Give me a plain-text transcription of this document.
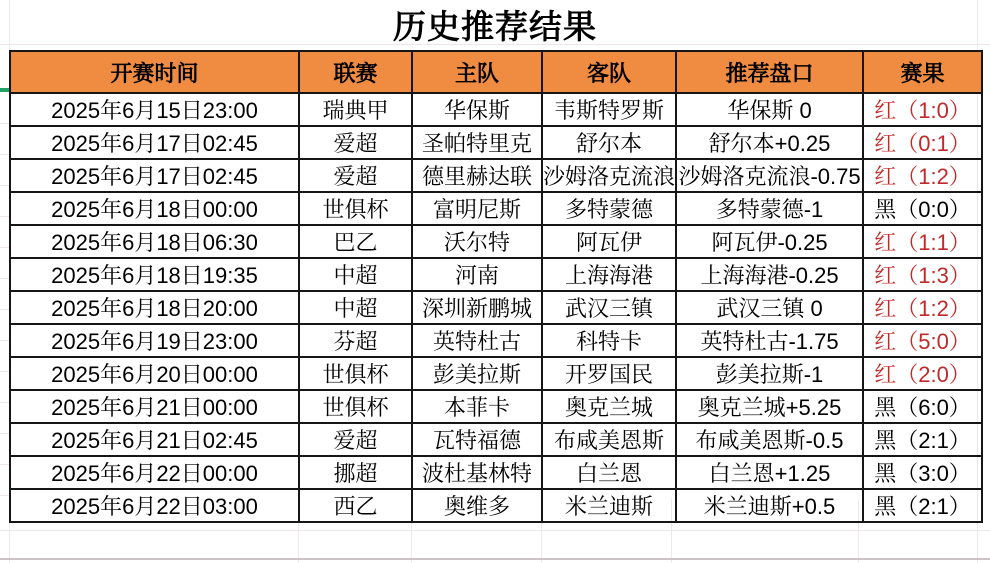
历史推荐结果
开赛时间	联赛	主队	客队	推荐盘口	赛果

2025年6月15日23:00	瑞典甲	华保斯	韦斯特罗斯	华保斯 0	红（1:0）

2025年6月17日02:45	爱超	圣帕特里克	舒尔本	舒尔本+0.25	红（0:1）

2025年6月17日02:45	爱超	德里赫达联	沙姆洛克流浪	沙姆洛克流浪-0.75	红（1:2）

2025年6月18日00:00	世俱杯	富明尼斯	多特蒙德	多特蒙德-1	黑（0:0）

2025年6月18日06:30	巴乙	沃尔特	阿瓦伊	阿瓦伊-0.25	红（1:1）

2025年6月18日19:35	中超	河南	上海海港	上海海港-0.25	红（1:3）

2025年6月18日20:00	中超	深圳新鹏城	武汉三镇	武汉三镇 0	红（1:2）

2025年6月19日23:00	芬超	英特杜古	科特卡	英特杜古-1.75	红（5:0）

2025年6月20日00:00	世俱杯	彭美拉斯	开罗国民	彭美拉斯-1	红（2:0）

2025年6月21日00:00	世俱杯	本菲卡	奥克兰城	奥克兰城+5.25	黑（6:0）

2025年6月21日02:45	爱超	瓦特福德	布咸美恩斯	布咸美恩斯-0.5	黑（2:1）

2025年6月22日00:00	挪超	波杜基林特	白兰恩	白兰恩+1.25	黑（3:0）

2025年6月22日03:00	西乙	奥维多	米兰迪斯	米兰迪斯+0.5	黑（2:1）
